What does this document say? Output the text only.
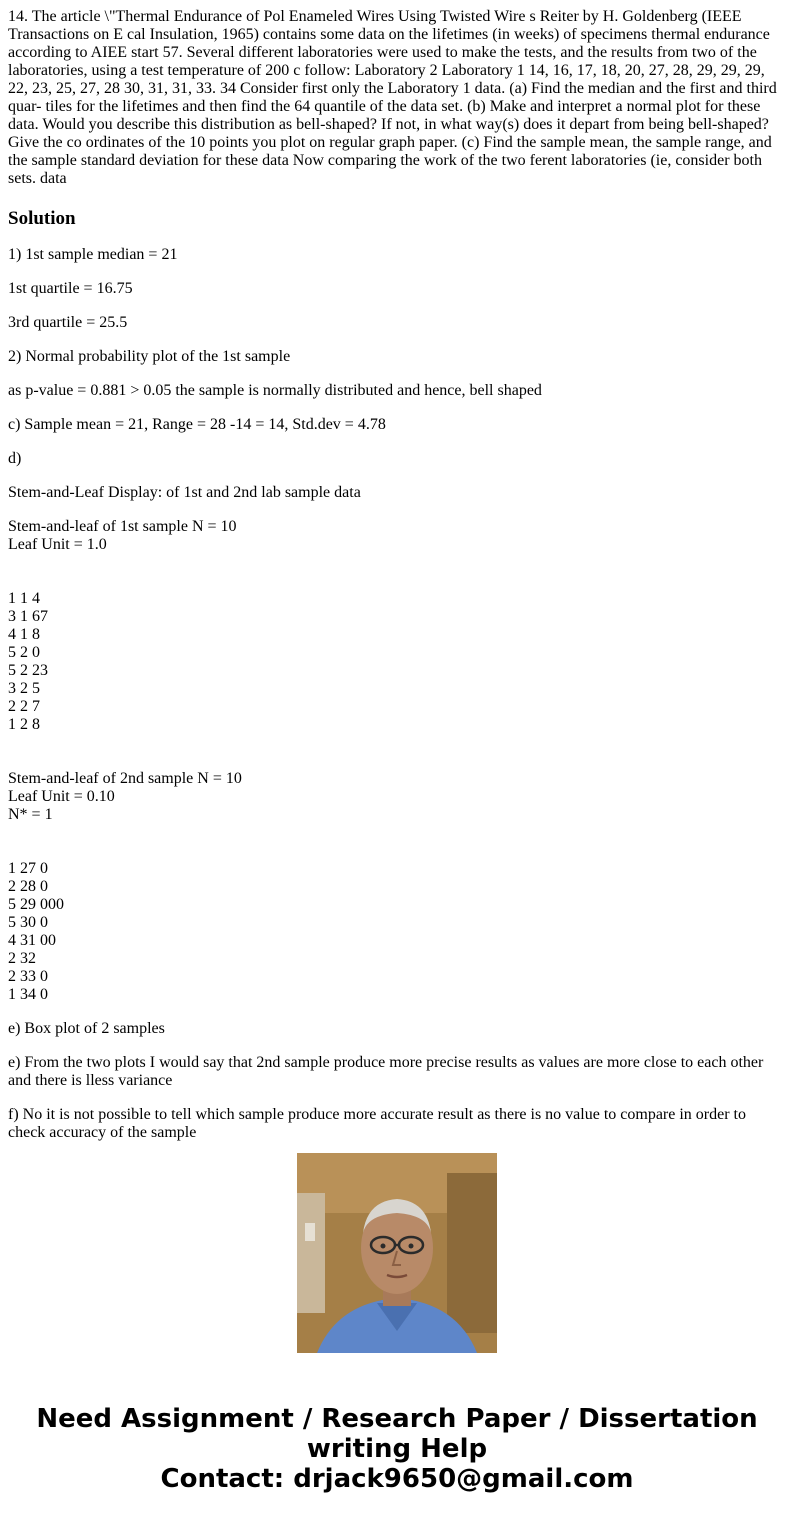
14. The article \"Thermal Endurance of Pol Enameled Wires Using Twisted Wire s Reiter by H. Goldenberg (IEEE Transactions on E cal Insulation, 1965) contains some data on the lifetimes (in weeks) of specimens thermal endurance according to AIEE start 57. Several different laboratories were used to make the tests, and the results from two of the laboratories, using a test temperature of 200 c follow: Laboratory 2 Laboratory 1 14, 16, 17, 18, 20, 27, 28, 29, 29, 29, 22, 23, 25, 27, 28 30, 31, 31, 33. 34 Consider first only the Laboratory 1 data. (a) Find the median and the first and third quar- tiles for the lifetimes and then find the 64 quantile of the data set. (b) Make and interpret a normal plot for these data. Would you describe this distribution as bell-shaped? If not, in what way(s) does it depart from being bell-shaped? Give the co ordinates of the 10 points you plot on regular graph paper. (c) Find the sample mean, the sample range, and the sample standard deviation for these data Now comparing the work of the two ferent laboratories (ie, consider both sets. data

Solution

1) 1st sample median = 21

1st quartile = 16.75

3rd quartile = 25.5

2) Normal probability plot of the 1st sample

as p-value = 0.881 > 0.05 the sample is normally distributed and hence, bell shaped

c) Sample mean = 21, Range = 28 -14 = 14, Std.dev = 4.78

d)

Stem-and-Leaf Display: of 1st and 2nd lab sample data

Stem-and-leaf of 1st sample N = 10
Leaf Unit = 1.0
1 1 4
3 1 67
4 1 8
5 2 0
5 2 23
3 2 5
2 2 7
1 2 8
Stem-and-leaf of 2nd sample N = 10
Leaf Unit = 0.10
N* = 1
1 27 0
2 28 0
5 29 000
5 30 0
4 31 00
2 32
2 33 0
1 34 0

e) Box plot of 2 samples

e) From the two plots I would say that 2nd sample produce more precise results as values are more close to each other and there is lless variance

f) No it is not possible to tell which sample produce more accurate result as there is no value to compare in order to check accuracy of the sample

Need Assignment / Research Paper / Dissertation
writing Help
Contact: drjack9650@gmail.com
